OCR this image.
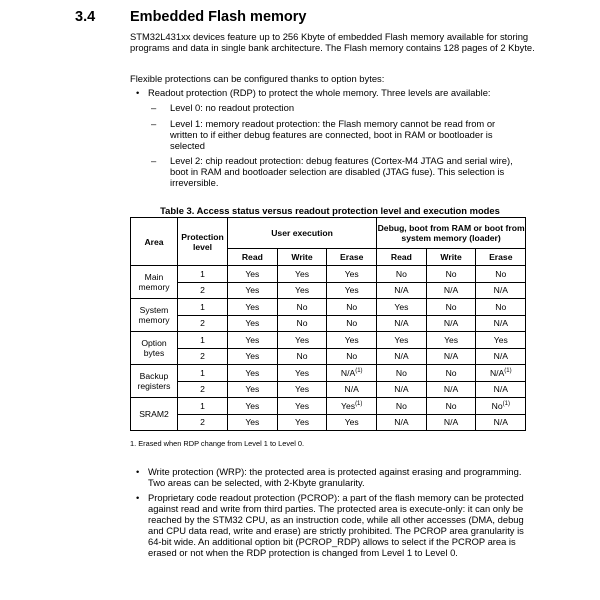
3.4 Embedded Flash memory

STM32L431xx devices feature up to 256 Kbyte of embedded Flash memory available for storing programs and data in single bank architecture. The Flash memory contains 128 pages of 2 Kbyte.

Flexible protections can be configured thanks to option bytes:

• Readout protection (RDP) to protect the whole memory. Three levels are available:

– Level 0: no readout protection

– Level 1: memory readout protection: the Flash memory cannot be read from or written to if either debug features are connected, boot in RAM or bootloader is selected

– Level 2: chip readout protection: debug features (Cortex-M4 JTAG and serial wire), boot in RAM and bootloader selection are disabled (JTAG fuse). This selection is irreversible.

Table 3. Access status versus readout protection level and execution modes
Area	Protection level	User execution			Debug, boot from RAM or boot from system memory (loader)		
		Read	Write	Erase	Read	Write	Erase
Main memory	1	Yes	Yes	Yes	No	No	No
	2	Yes	Yes	Yes	N/A	N/A	N/A
System memory	1	Yes	No	No	Yes	No	No
	2	Yes	No	No	N/A	N/A	N/A
Option bytes	1	Yes	Yes	Yes	Yes	Yes	Yes
	2	Yes	No	No	N/A	N/A	N/A
Backup registers	1	Yes	Yes	$N/A^{(1)}$	No	No	$N/A^{(1)}$
	2	Yes	Yes	N/A	N/A	N/A	N/A
SRAM2	1	Yes	Yes	Yes$^{(1)}$	No	No	No$^{(1)}$
	2	Yes	Yes	Yes	N/A	N/A	N/A
1. Erased when RDP change from Level 1 to Level 0.
• Write protection (WRP): the protected area is protected against erasing and programming. Two areas can be selected, with 2-Kbyte granularity.

• Proprietary code readout protection (PCROP): a part of the flash memory can be protected against read and write from third parties. The protected area is execute-only: it can only be reached by the STM32 CPU, as an instruction code, while all other accesses (DMA, debug and CPU data read, write and erase) are strictly prohibited. The PCROP area granularity is 64-bit wide. An additional option bit (PCROP_RDP) allows to select if the PCROP area is erased or not when the RDP protection is changed from Level 1 to Level 0.
